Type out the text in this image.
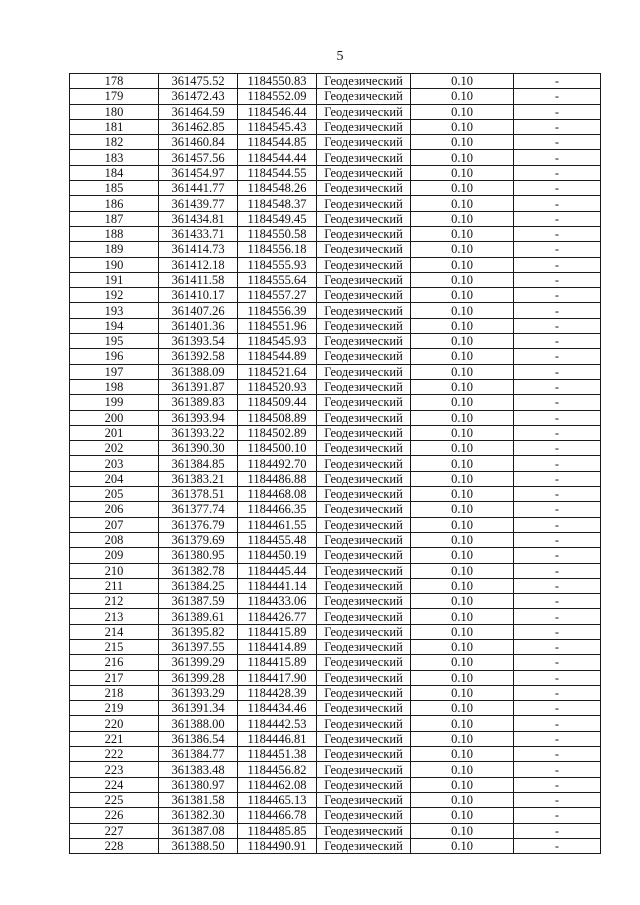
5
178	361475.52	1184550.83	Геодезический	0.10	-
179	361472.43	1184552.09	Геодезический	0.10	-
180	361464.59	1184546.44	Геодезический	0.10	-
181	361462.85	1184545.43	Геодезический	0.10	-
182	361460.84	1184544.85	Геодезический	0.10	-
183	361457.56	1184544.44	Геодезический	0.10	-
184	361454.97	1184544.55	Геодезический	0.10	-
185	361441.77	1184548.26	Геодезический	0.10	-
186	361439.77	1184548.37	Геодезический	0.10	-
187	361434.81	1184549.45	Геодезический	0.10	-
188	361433.71	1184550.58	Геодезический	0.10	-
189	361414.73	1184556.18	Геодезический	0.10	-
190	361412.18	1184555.93	Геодезический	0.10	-
191	361411.58	1184555.64	Геодезический	0.10	-
192	361410.17	1184557.27	Геодезический	0.10	-
193	361407.26	1184556.39	Геодезический	0.10	-
194	361401.36	1184551.96	Геодезический	0.10	-
195	361393.54	1184545.93	Геодезический	0.10	-
196	361392.58	1184544.89	Геодезический	0.10	-
197	361388.09	1184521.64	Геодезический	0.10	-
198	361391.87	1184520.93	Геодезический	0.10	-
199	361389.83	1184509.44	Геодезический	0.10	-
200	361393.94	1184508.89	Геодезический	0.10	-
201	361393.22	1184502.89	Геодезический	0.10	-
202	361390.30	1184500.10	Геодезический	0.10	-
203	361384.85	1184492.70	Геодезический	0.10	-
204	361383.21	1184486.88	Геодезический	0.10	-
205	361378.51	1184468.08	Геодезический	0.10	-
206	361377.74	1184466.35	Геодезический	0.10	-
207	361376.79	1184461.55	Геодезический	0.10	-
208	361379.69	1184455.48	Геодезический	0.10	-
209	361380.95	1184450.19	Геодезический	0.10	-
210	361382.78	1184445.44	Геодезический	0.10	-
211	361384.25	1184441.14	Геодезический	0.10	-
212	361387.59	1184433.06	Геодезический	0.10	-
213	361389.61	1184426.77	Геодезический	0.10	-
214	361395.82	1184415.89	Геодезический	0.10	-
215	361397.55	1184414.89	Геодезический	0.10	-
216	361399.29	1184415.89	Геодезический	0.10	-
217	361399.28	1184417.90	Геодезический	0.10	-
218	361393.29	1184428.39	Геодезический	0.10	-
219	361391.34	1184434.46	Геодезический	0.10	-
220	361388.00	1184442.53	Геодезический	0.10	-
221	361386.54	1184446.81	Геодезический	0.10	-
222	361384.77	1184451.38	Геодезический	0.10	-
223	361383.48	1184456.82	Геодезический	0.10	-
224	361380.97	1184462.08	Геодезический	0.10	-
225	361381.58	1184465.13	Геодезический	0.10	-
226	361382.30	1184466.78	Геодезический	0.10	-
227	361387.08	1184485.85	Геодезический	0.10	-
228	361388.50	1184490.91	Геодезический	0.10	-
